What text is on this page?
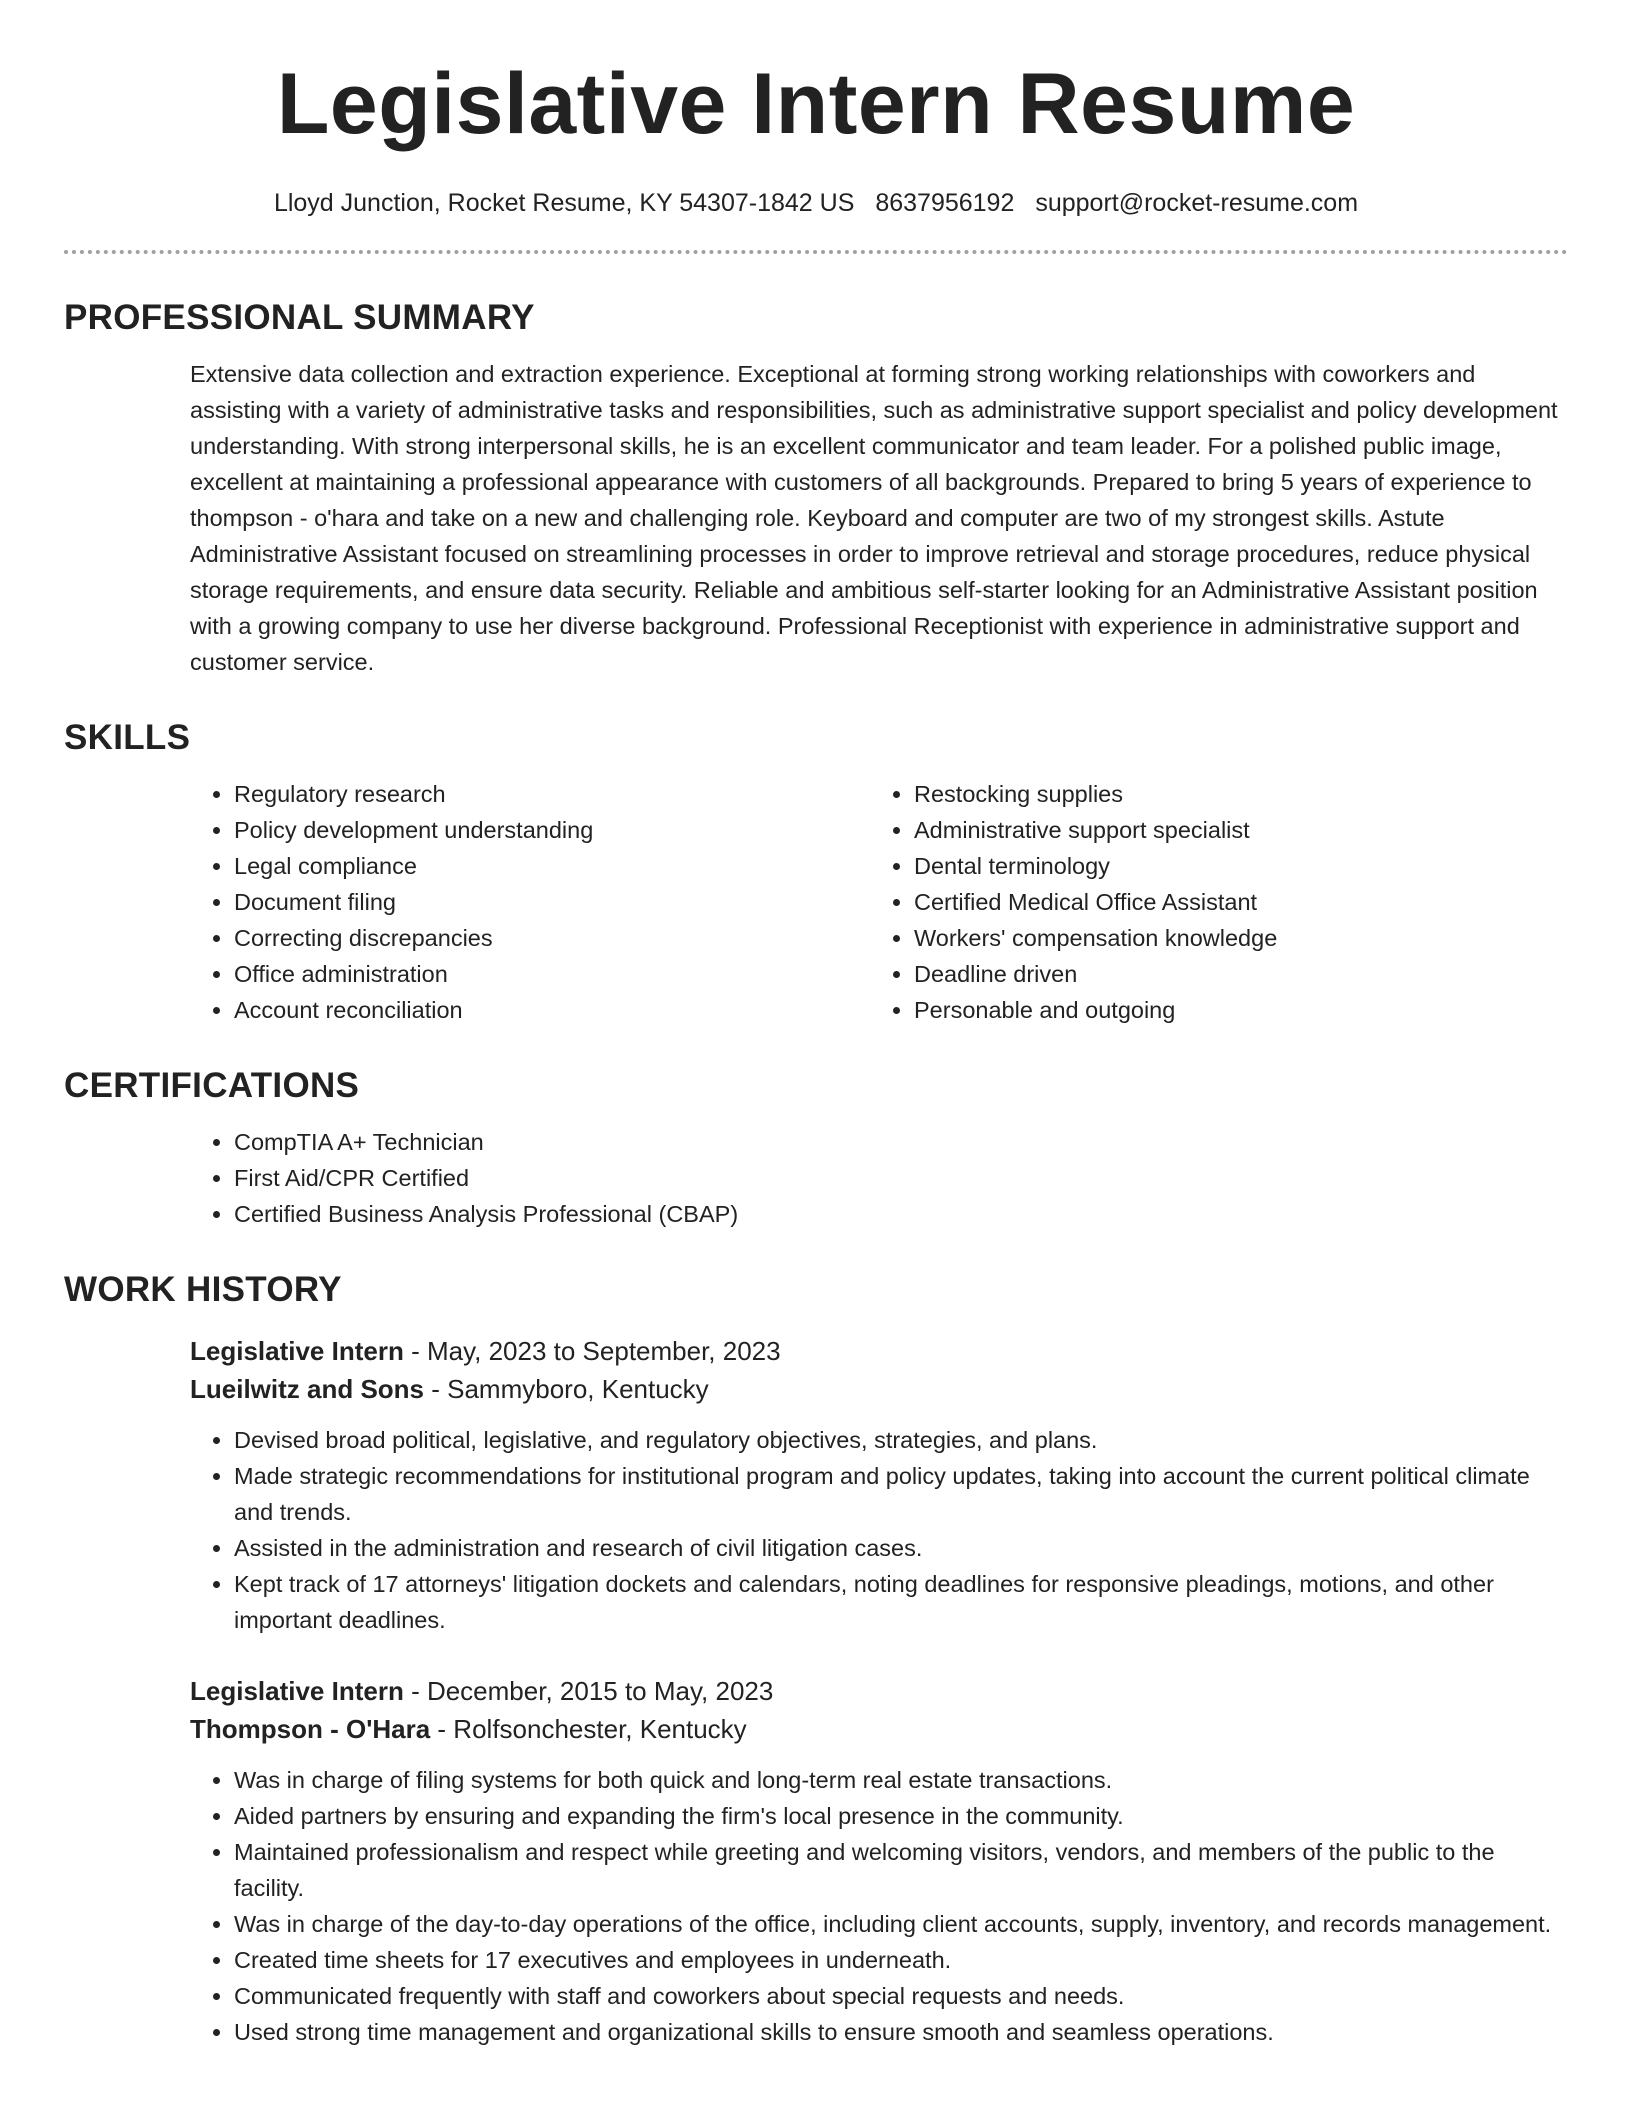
Legislative Intern Resume
Lloyd Junction, Rocket Resume, KY 54307-1842 US 8637956192 support@rocket-resume.com
PROFESSIONAL SUMMARY

Extensive data collection and extraction experience. Exceptional at forming strong working relationships with coworkers and assisting with a variety of administrative tasks and responsibilities, such as administrative support specialist and policy development understanding. With strong interpersonal skills, he is an excellent communicator and team leader. For a polished public image, excellent at maintaining a professional appearance with customers of all backgrounds. Prepared to bring 5 years of experience to thompson - o'hara and take on a new and challenging role. Keyboard and computer are two of my strongest skills. Astute Administrative Assistant focused on streamlining processes in order to improve retrieval and storage procedures, reduce physical storage requirements, and ensure data security. Reliable and ambitious self-starter looking for an Administrative Assistant position with a growing company to use her diverse background. Professional Receptionist with experience in administrative support and customer service.

SKILLS
• Regulatory research
• Policy development understanding
• Legal compliance
• Document filing
• Correcting discrepancies
• Office administration
• Account reconciliation
• Restocking supplies
• Administrative support specialist
• Dental terminology
• Certified Medical Office Assistant
• Workers' compensation knowledge
• Deadline driven
• Personable and outgoing
CERTIFICATIONS
• CompTIA A+ Technician
• First Aid/CPR Certified
• Certified Business Analysis Professional (CBAP)
WORK HISTORY
Legislative Intern - May, 2023 to September, 2023
Lueilwitz and Sons - Sammyboro, Kentucky
• Devised broad political, legislative, and regulatory objectives, strategies, and plans.
• Made strategic recommendations for institutional program and policy updates, taking into account the current political climate and trends.
• Assisted in the administration and research of civil litigation cases.
• Kept track of 17 attorneys' litigation dockets and calendars, noting deadlines for responsive pleadings, motions, and other important deadlines.
Legislative Intern - December, 2015 to May, 2023
Thompson - O'Hara - Rolfsonchester, Kentucky
• Was in charge of filing systems for both quick and long-term real estate transactions.
• Aided partners by ensuring and expanding the firm's local presence in the community.
• Maintained professionalism and respect while greeting and welcoming visitors, vendors, and members of the public to the facility.
• Was in charge of the day-to-day operations of the office, including client accounts, supply, inventory, and records management.
• Created time sheets for 17 executives and employees in underneath.
• Communicated frequently with staff and coworkers about special requests and needs.
• Used strong time management and organizational skills to ensure smooth and seamless operations.
